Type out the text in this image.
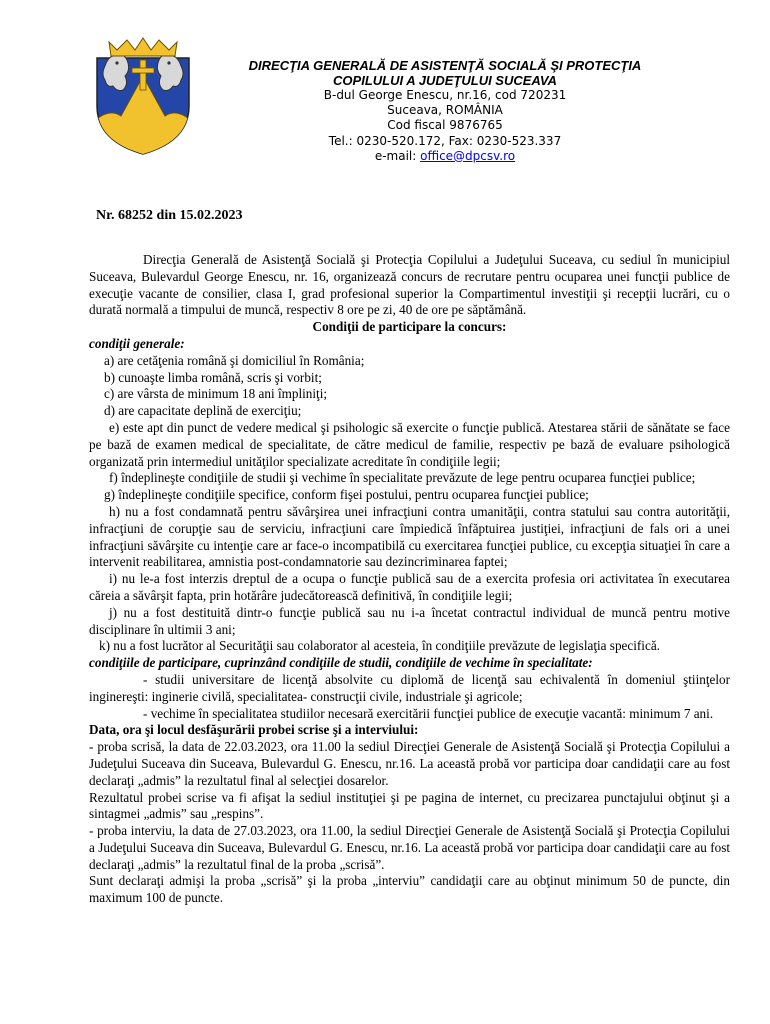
DIRECŢIA GENERALĂ DE ASISTENŢĂ SOCIALĂ ŞI PROTECŢIA
COPILULUI A JUDEŢULUI SUCEAVA
B-dul George Enescu, nr.16, cod 720231
Suceava, ROMÂNIA
Cod fiscal 9876765
Tel.: 0230-520.172, Fax: 0230-523.337
e-mail: office@dpcsv.ro
Nr. 68252 din 15.02.2023

Direcţia Generală de Asistenţă Socială şi Protecţia Copilului a Judeţului Suceava, cu sediul în municipiul Suceava, Bulevardul George Enescu, nr. 16, organizează concurs de recrutare pentru ocuparea unei funcţii publice de execuţie vacante de consilier, clasa I, grad profesional superior la Compartimentul investiţii şi recepţii lucrări, cu o durată normală a timpului de muncă, respectiv 8 ore pe zi, 40 de ore pe săptămână.

Condiţii de participare la concurs:

condiţii generale:

a) are cetăţenia română şi domiciliul în România;

b) cunoaşte limba română, scris şi vorbit;

c) are vârsta de minimum 18 ani împliniţi;

d) are capacitate deplină de exerciţiu;

e) este apt din punct de vedere medical şi psihologic să exercite o funcţie publică. Atestarea stării de sănătate se face pe bază de examen medical de specialitate, de către medicul de familie, respectiv pe bază de evaluare psihologică organizată prin intermediul unităţilor specializate acreditate în condiţiile legii;

f) îndeplineşte condiţiile de studii şi vechime în specialitate prevăzute de lege pentru ocuparea funcţiei publice;

g) îndeplineşte condiţiile specifice, conform fişei postului, pentru ocuparea funcţiei publice;

h) nu a fost condamnată pentru săvârşirea unei infracţiuni contra umanităţii, contra statului sau contra autorităţii, infracţiuni de corupţie sau de serviciu, infracţiuni care împiedică înfăptuirea justiţiei, infracţiuni de fals ori a unei infracţiuni săvârşite cu intenţie care ar face-o incompatibilă cu exercitarea funcţiei publice, cu excepţia situaţiei în care a intervenit reabilitarea, amnistia post-condamnatorie sau dezincriminarea faptei;

i) nu le-a fost interzis dreptul de a ocupa o funcţie publică sau de a exercita profesia ori activitatea în executarea căreia a săvârşit fapta, prin hotărâre judecătorească definitivă, în condiţiile legii;

j) nu a fost destituită dintr-o funcţie publică sau nu i-a încetat contractul individual de muncă pentru motive disciplinare în ultimii 3 ani;

k) nu a fost lucrător al Securităţii sau colaborator al acesteia, în condiţiile prevăzute de legislaţia specifică.

condiţiile de participare, cuprinzând condiţiile de studii, condiţiile de vechime în specialitate:

- studii universitare de licenţă absolvite cu diplomă de licenţă sau echivalentă în domeniul ştiinţelor inginereşti: inginerie civilă, specialitatea- construcţii civile, industriale şi agricole;

- vechime în specialitatea studiilor necesară exercitării funcţiei publice de execuţie vacantă: minimum 7 ani.

Data, ora şi locul desfăşurării probei scrise şi a interviului:

- proba scrisă, la data de 22.03.2023, ora 11.00 la sediul Direcţiei Generale de Asistenţă Socială şi Protecţia Copilului a Judeţului Suceava din Suceava, Bulevardul G. Enescu, nr.16. La această probă vor participa doar candidaţii care au fost declaraţi „admis” la rezultatul final al selecţiei dosarelor.

Rezultatul probei scrise va fi afişat la sediul instituţiei şi pe pagina de internet, cu precizarea punctajului obţinut şi a sintagmei „admis” sau „respins”.

- proba interviu, la data de 27.03.2023, ora 11.00, la sediul Direcţiei Generale de Asistenţă Socială şi Protecţia Copilului a Judeţului Suceava din Suceava, Bulevardul G. Enescu, nr.16. La această probă vor participa doar candidaţii care au fost declaraţi „admis” la rezultatul final de la proba „scrisă”.

Sunt declaraţi admişi la proba „scrisă” şi la proba „interviu” candidaţii care au obţinut minimum 50 de puncte, din maximum 100 de puncte.
